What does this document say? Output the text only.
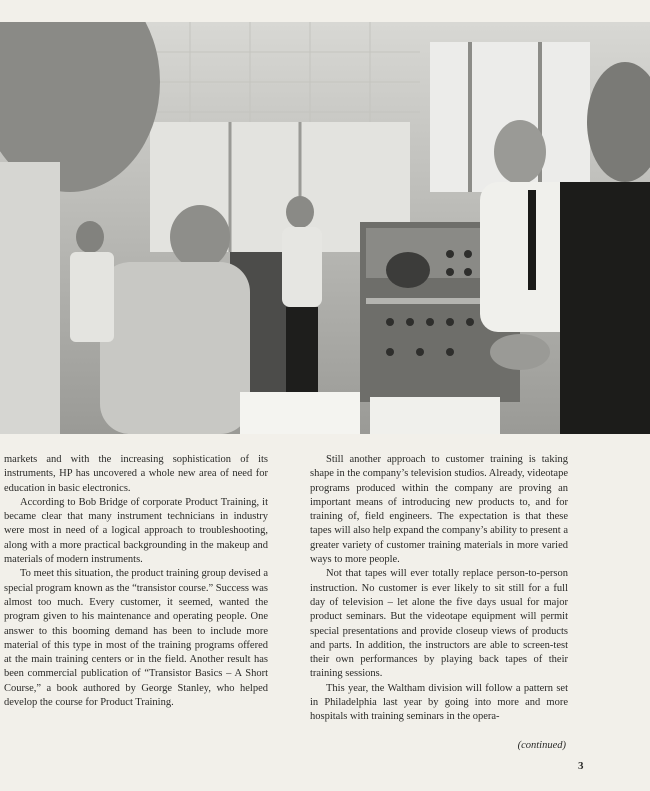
markets and with the increasing sophistication of its instruments, HP has uncovered a whole new area of need for education in basic electronics.

According to Bob Bridge of corporate Product Training, it became clear that many instrument technicians in industry were most in need of a logical approach to troubleshooting, along with a more practical backgrounding in the makeup and materials of modern instruments.

To meet this situation, the product training group devised a special program known as the “transistor course.” Success was almost too much. Every customer, it seemed, wanted the program given to his maintenance and operating people. One answer to this booming demand has been to include more material of this type in most of the training programs offered at the main training centers or in the field. Another result has been commercial publication of “Transistor Basics – A Short Course,” a book authored by George Stanley, who helped develop the course for Product Training.

Still another approach to customer training is taking shape in the company’s television studios. Already, videotape programs produced within the company are proving an important means of introducing new products to, and for training of, field engineers. The expectation is that these tapes will also help expand the company’s ability to present a greater variety of customer training materials in more varied ways to more people.

Not that tapes will ever totally replace person-to-person instruction. No customer is ever likely to sit still for a full day of television – let alone the five days usual for major product seminars. But the videotape equipment will permit special presentations and provide closeup views of products and parts. In addition, the instructors are able to screen-test their own performances by playing back tapes of their training sessions.

This year, the Waltham division will follow a pattern set in Philadelphia last year by going into more and more hospitals with training seminars in the opera-

(continued)
3
